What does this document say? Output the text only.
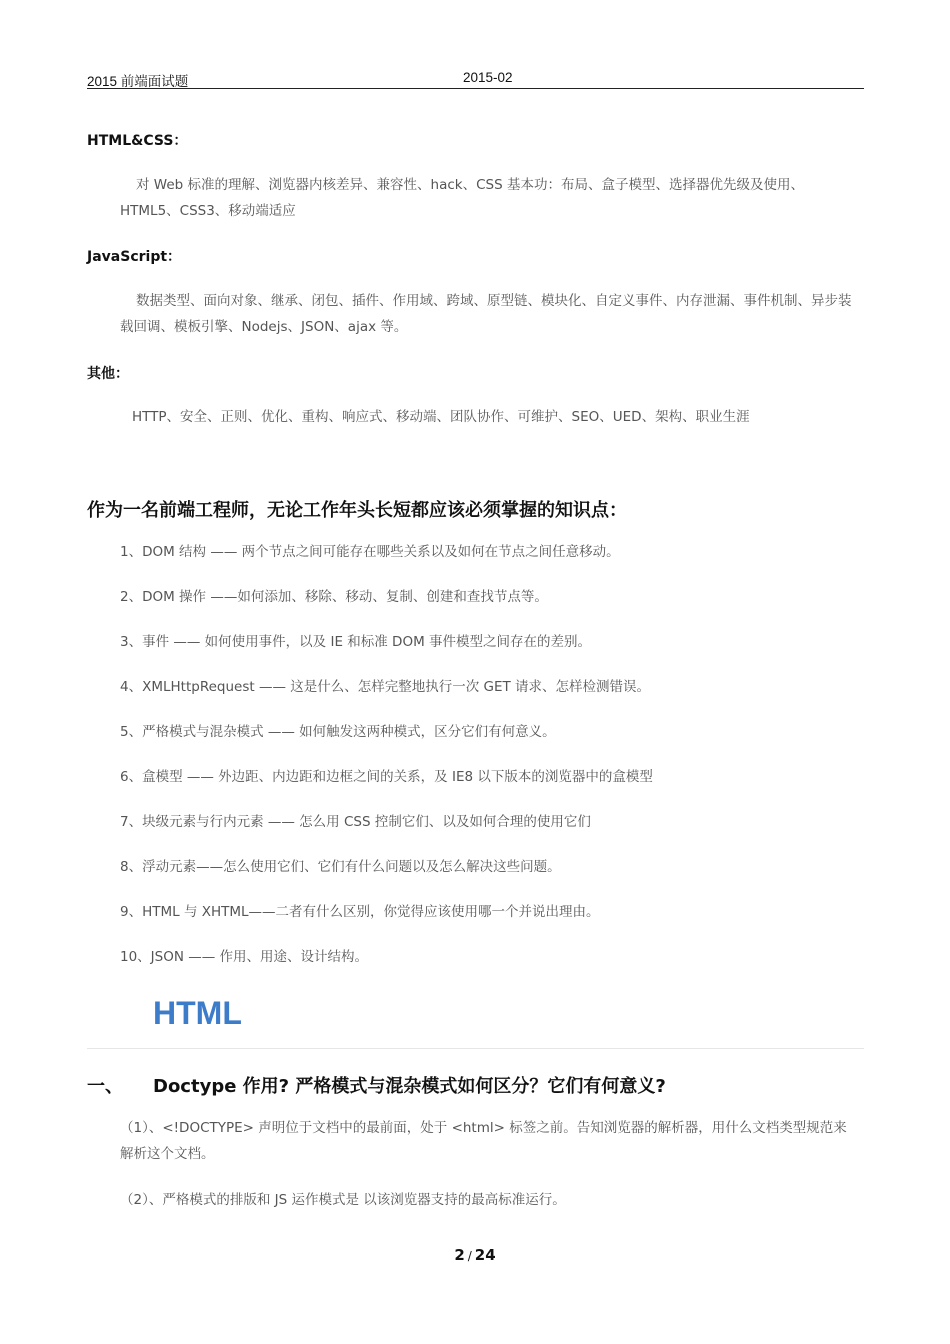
2015 前端面试题	2015-02
HTML&CSS：
对 Web 标准的理解、浏览器内核差异、兼容性、hack、CSS 基本功：布局、盒子模型、选择器优先级及使用、HTML5、CSS3、移动端适应
JavaScript：
数据类型、面向对象、继承、闭包、插件、作用域、跨域、原型链、模块化、自定义事件、内存泄漏、事件机制、异步装载回调、模板引擎、Nodejs、JSON、ajax 等。
其他：
HTTP、安全、正则、优化、重构、响应式、移动端、团队协作、可维护、SEO、UED、架构、职业生涯
作为一名前端工程师，无论工作年头长短都应该必须掌握的知识点：
1、DOM 结构 —— 两个节点之间可能存在哪些关系以及如何在节点之间任意移动。
2、DOM 操作 ——如何添加、移除、移动、复制、创建和查找节点等。
3、事件 —— 如何使用事件，以及 IE 和标准 DOM 事件模型之间存在的差别。
4、XMLHttpRequest —— 这是什么、怎样完整地执行一次 GET 请求、怎样检测错误。
5、严格模式与混杂模式 —— 如何触发这两种模式，区分它们有何意义。
6、盒模型 —— 外边距、内边距和边框之间的关系，及 IE8 以下版本的浏览器中的盒模型
7、块级元素与行内元素 —— 怎么用 CSS 控制它们、以及如何合理的使用它们
8、浮动元素——怎么使用它们、它们有什么问题以及怎么解决这些问题。
9、HTML 与 XHTML——二者有什么区别，你觉得应该使用哪一个并说出理由。
10、JSON —— 作用、用途、设计结构。
HTML
一、 Doctype 作用? 严格模式与混杂模式如何区分？它们有何意义?
（1）、<!DOCTYPE> 声明位于文档中的最前面，处于 <html> 标签之前。告知浏览器的解析器，用什么文档类型规范来解析这个文档。
（2）、严格模式的排版和 JS 运作模式是 以该浏览器支持的最高标准运行。
2 / 24
